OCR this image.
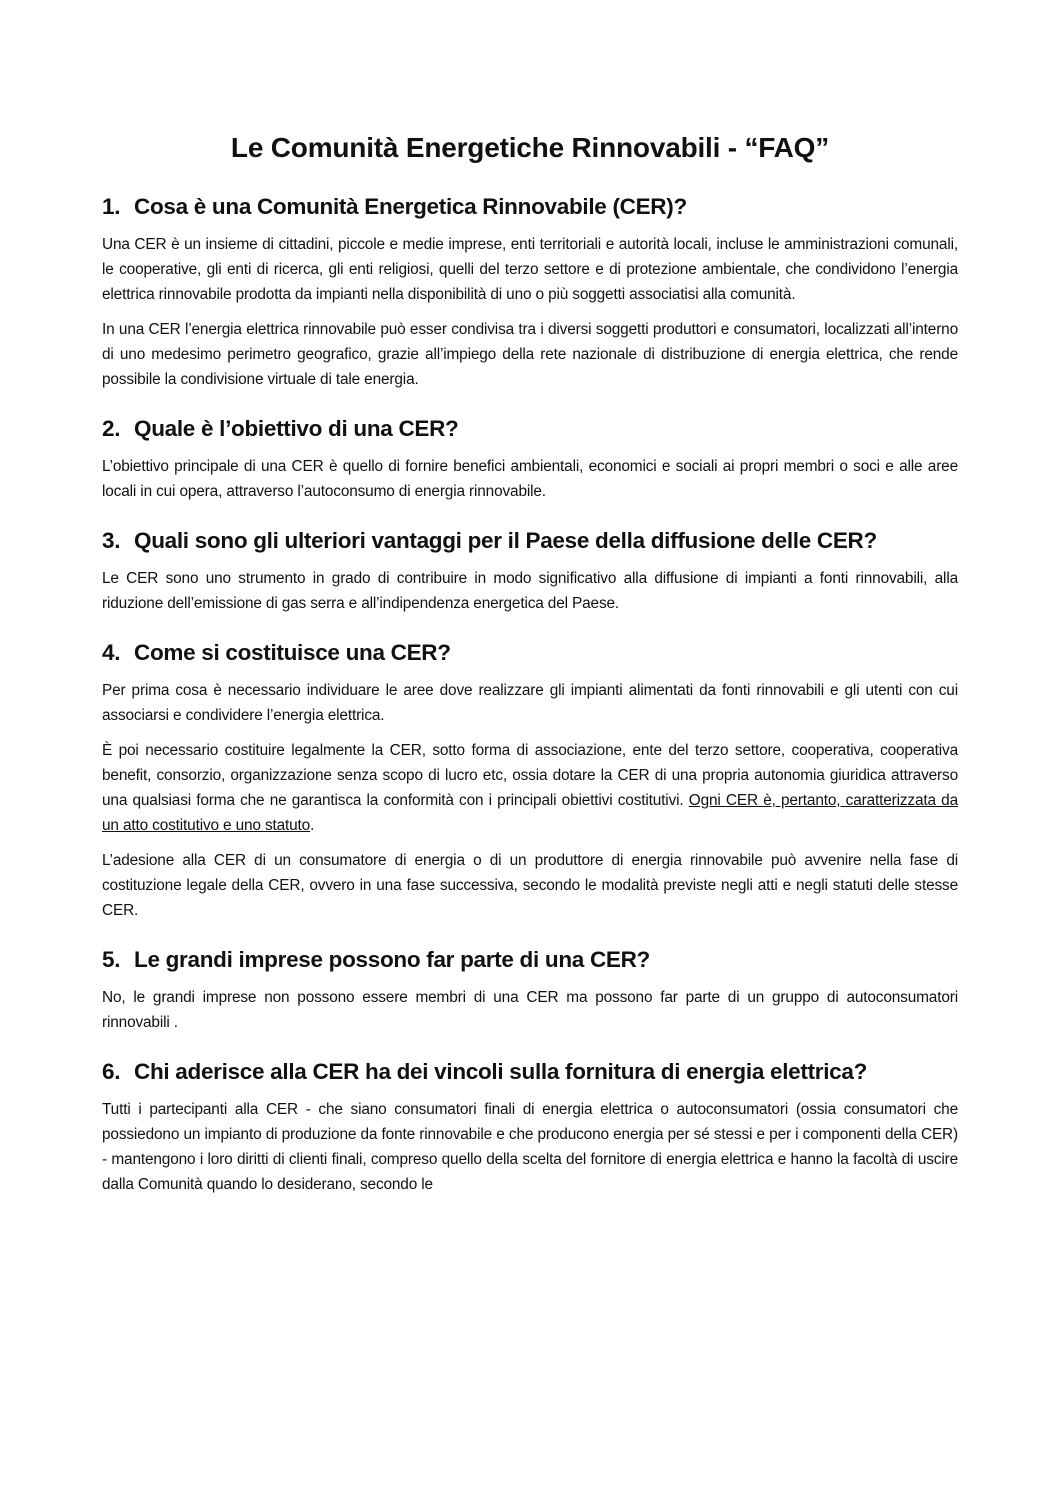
Le Comunità Energetiche Rinnovabili - “FAQ”
1. Cosa è una Comunità Energetica Rinnovabile (CER)?

Una CER è un insieme di cittadini, piccole e medie imprese, enti territoriali e autorità locali, incluse le amministrazioni comunali, le cooperative, gli enti di ricerca, gli enti religiosi, quelli del terzo settore e di protezione ambientale, che condividono l’energia elettrica rinnovabile prodotta da impianti nella disponibilità di uno o più soggetti associatisi alla comunità.

In una CER l’energia elettrica rinnovabile può esser condivisa tra i diversi soggetti produttori e consumatori, localizzati all’interno di uno medesimo perimetro geografico, grazie all’impiego della rete nazionale di distribuzione di energia elettrica, che rende possibile la condivisione virtuale di tale energia.

2. Quale è l’obiettivo di una CER?

L’obiettivo principale di una CER è quello di fornire benefici ambientali, economici e sociali ai propri membri o soci e alle aree locali in cui opera, attraverso l’autoconsumo di energia rinnovabile.

3. Quali sono gli ulteriori vantaggi per il Paese della diffusione delle CER?

Le CER sono uno strumento in grado di contribuire in modo significativo alla diffusione di impianti a fonti rinnovabili, alla riduzione dell’emissione di gas serra e all’indipendenza energetica del Paese.

4. Come si costituisce una CER?

Per prima cosa è necessario individuare le aree dove realizzare gli impianti alimentati da fonti rinnovabili e gli utenti con cui associarsi e condividere l’energia elettrica.

È poi necessario costituire legalmente la CER, sotto forma di associazione, ente del terzo settore, cooperativa, cooperativa benefit, consorzio, organizzazione senza scopo di lucro etc, ossia dotare la CER di una propria autonomia giuridica attraverso una qualsiasi forma che ne garantisca la conformità con i principali obiettivi costitutivi. Ogni CER è, pertanto, caratterizzata da un atto costitutivo e uno statuto.

L’adesione alla CER di un consumatore di energia o di un produttore di energia rinnovabile può avvenire nella fase di costituzione legale della CER, ovvero in una fase successiva, secondo le modalità previste negli atti e negli statuti delle stesse CER.

5. Le grandi imprese possono far parte di una CER?

No, le grandi imprese non possono essere membri di una CER ma possono far parte di un gruppo di autoconsumatori rinnovabili .

6. Chi aderisce alla CER ha dei vincoli sulla fornitura di energia elettrica?

Tutti i partecipanti alla CER - che siano consumatori finali di energia elettrica o autoconsumatori (ossia consumatori che possiedono un impianto di produzione da fonte rinnovabile e che producono energia per sé stessi e per i componenti della CER) - mantengono i loro diritti di clienti finali, compreso quello della scelta del fornitore di energia elettrica e hanno la facoltà di uscire dalla Comunità quando lo desiderano, secondo le
